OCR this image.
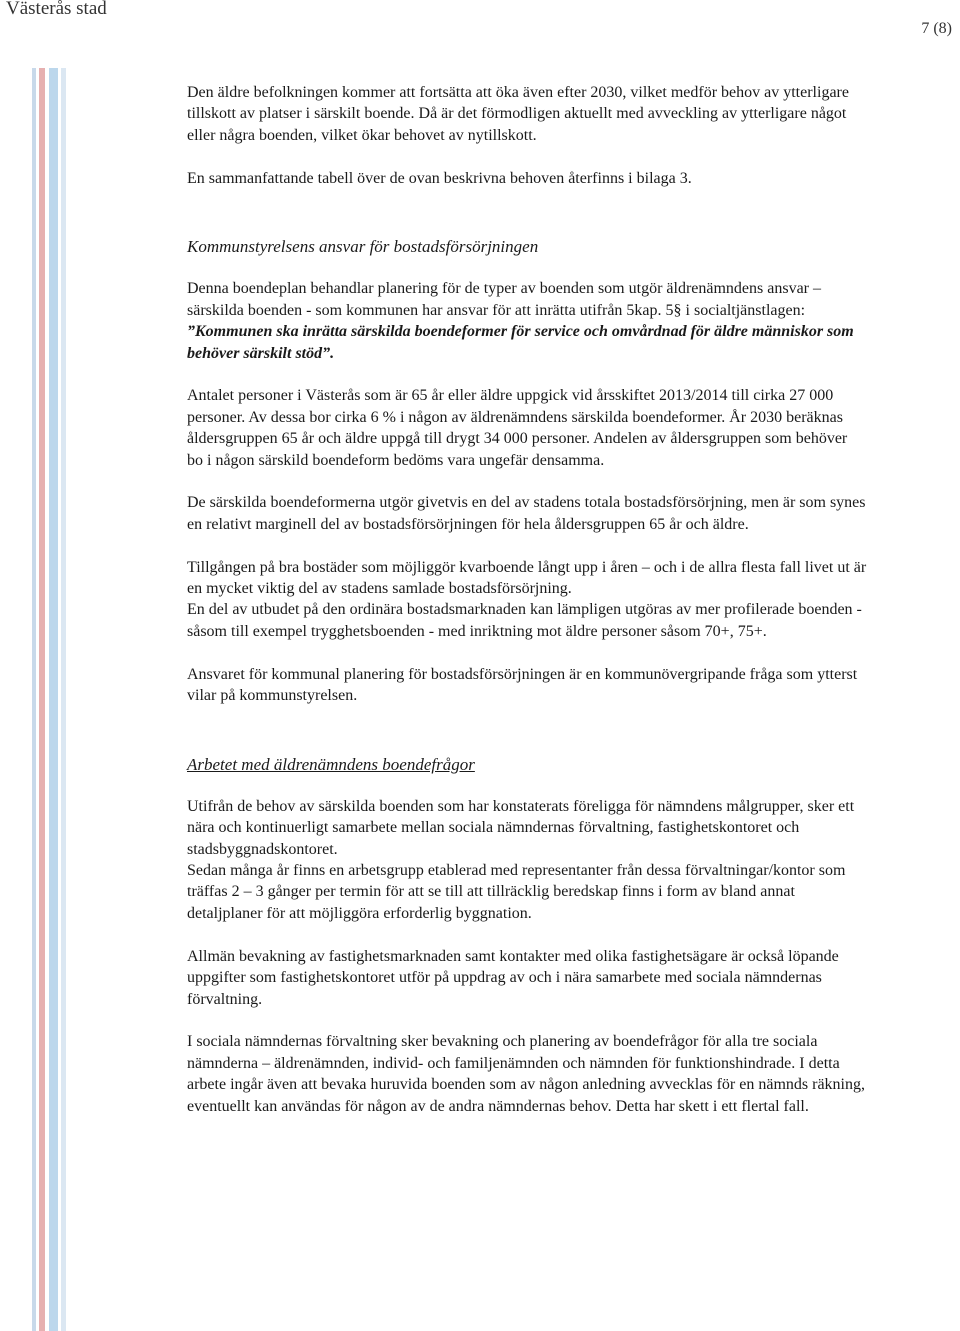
Västerås stad
7 (8)

Den äldre befolkningen kommer att fortsätta att öka även efter 2030, vilket medför behov av ytterligare tillskott av platser i särskilt boende. Då är det förmodligen aktuellt med avveckling av ytterligare något eller några boenden, vilket ökar behovet av nytillskott.

En sammanfattande tabell över de ovan beskrivna behoven återfinns i bilaga 3.

Kommunstyrelsens ansvar för bostadsförsörjningen

Denna boendeplan behandlar planering för de typer av boenden som utgör äldrenämndens ansvar – särskilda boenden - som kommunen har ansvar för att inrätta utifrån 5kap. 5§ i socialtjänstlagen: ”Kommunen ska inrätta särskilda boendeformer för service och omvårdnad för äldre människor som behöver särskilt stöd”.

Antalet personer i Västerås som är 65 år eller äldre uppgick vid årsskiftet 2013/2014 till cirka 27 000 personer. Av dessa bor cirka 6 % i någon av äldrenämndens särskilda boendeformer. År 2030 beräknas åldersgruppen 65 år och äldre uppgå till drygt 34 000 personer. Andelen av åldersgruppen som behöver bo i någon särskild boendeform bedöms vara ungefär densamma.

De särskilda boendeformerna utgör givetvis en del av stadens totala bostadsförsörjning, men är som synes en relativt marginell del av bostadsförsörjningen för hela åldersgruppen 65 år och äldre.

Tillgången på bra bostäder som möjliggör kvarboende långt upp i åren – och i de allra flesta fall livet ut är en mycket viktig del av stadens samlade bostadsförsörjning.
En del av utbudet på den ordinära bostadsmarknaden kan lämpligen utgöras av mer profilerade boenden - såsom till exempel trygghetsboenden - med inriktning mot äldre personer såsom 70+, 75+.

Ansvaret för kommunal planering för bostadsförsörjningen är en kommunövergripande fråga som ytterst vilar på kommunstyrelsen.

Arbetet med äldrenämndens boendefrågor

Utifrån de behov av särskilda boenden som har konstaterats föreligga för nämndens målgrupper, sker ett nära och kontinuerligt samarbete mellan sociala nämndernas förvaltning, fastighetskontoret och stadsbyggnadskontoret.
Sedan många år finns en arbetsgrupp etablerad med representanter från dessa förvaltningar/kontor som träffas 2 – 3 gånger per termin för att se till att tillräcklig beredskap finns i form av bland annat detaljplaner för att möjliggöra erforderlig byggnation.

Allmän bevakning av fastighetsmarknaden samt kontakter med olika fastighetsägare är också löpande uppgifter som fastighetskontoret utför på uppdrag av och i nära samarbete med sociala nämndernas förvaltning.

I sociala nämndernas förvaltning sker bevakning och planering av boendefrågor för alla tre sociala nämnderna – äldrenämnden, individ- och familjenämnden och nämnden för funktionshindrade. I detta arbete ingår även att bevaka huruvida boenden som av någon anledning avvecklas för en nämnds räkning, eventuellt kan användas för någon av de andra nämndernas behov. Detta har skett i ett flertal fall.
